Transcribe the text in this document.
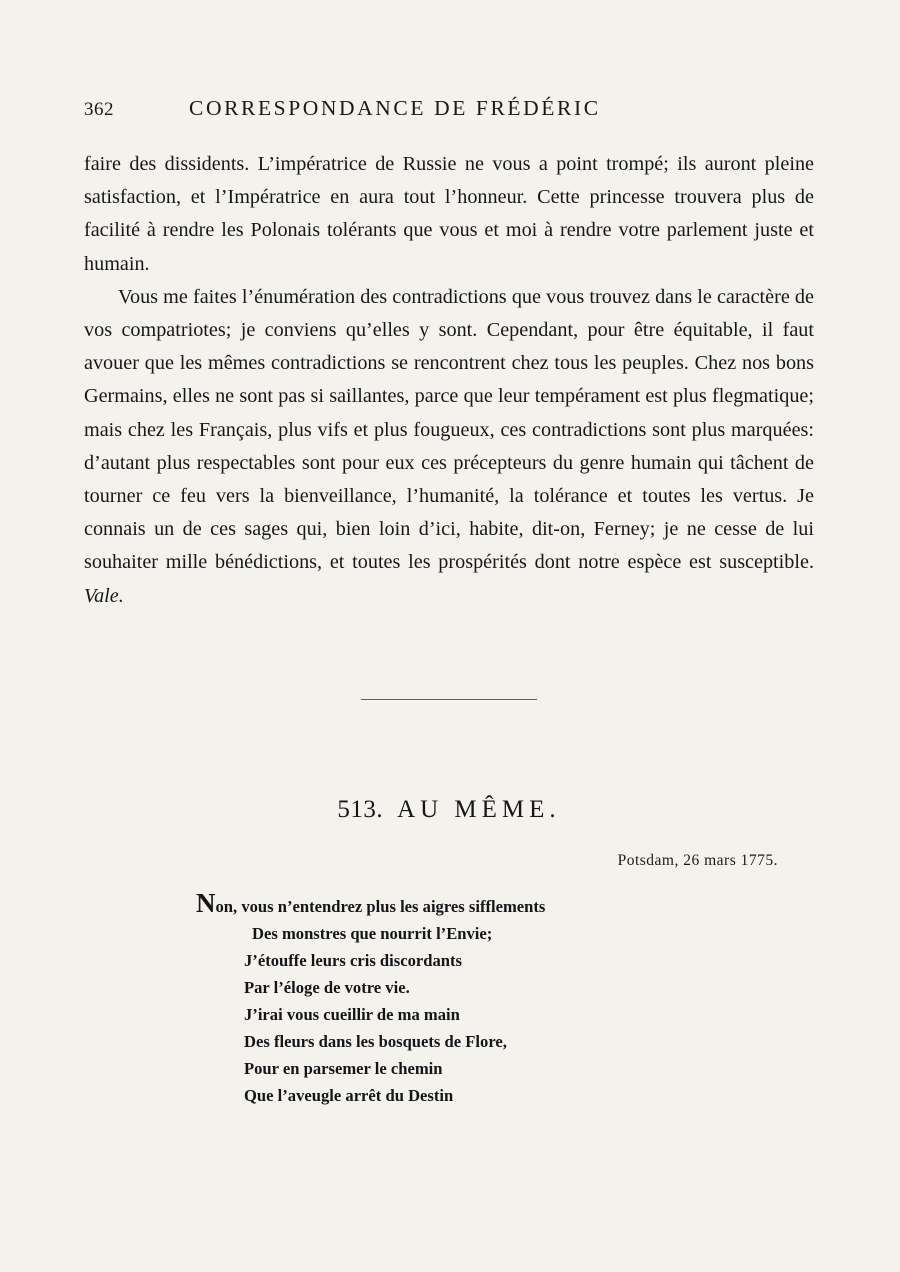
362	CORRESPONDANCE DE FRÉDÉRIC

faire des dissidents. L’impératrice de Russie ne vous a point trompé; ils auront pleine satisfaction, et l’Impératrice en aura tout l’honneur. Cette princesse trouvera plus de facilité à rendre les Polonais tolérants que vous et moi à rendre votre parlement juste et humain.

Vous me faites l’énumération des contradictions que vous trouvez dans le caractère de vos compatriotes; je conviens qu’elles y sont. Cependant, pour être équitable, il faut avouer que les mêmes contradictions se rencontrent chez tous les peuples. Chez nos bons Germains, elles ne sont pas si saillantes, parce que leur tempérament est plus flegmatique; mais chez les Français, plus vifs et plus fougueux, ces contradictions sont plus marquées: d’autant plus respectables sont pour eux ces précepteurs du genre humain qui tâchent de tourner ce feu vers la bienveillance, l’humanité, la tolérance et toutes les vertus. Je connais un de ces sages qui, bien loin d’ici, habite, dit-on, Ferney; je ne cesse de lui souhaiter mille bénédictions, et toutes les prospérités dont notre espèce est susceptible. Vale.

513. AU MÊME.
Potsdam, 26 mars 1775.
Non, vous n’entendrez plus les aigres sifflements
Des monstres que nourrit l’Envie;
J’étouffe leurs cris discordants
Par l’éloge de votre vie.
J’irai vous cueillir de ma main
Des fleurs dans les bosquets de Flore,
Pour en parsemer le chemin
Que l’aveugle arrêt du Destin
